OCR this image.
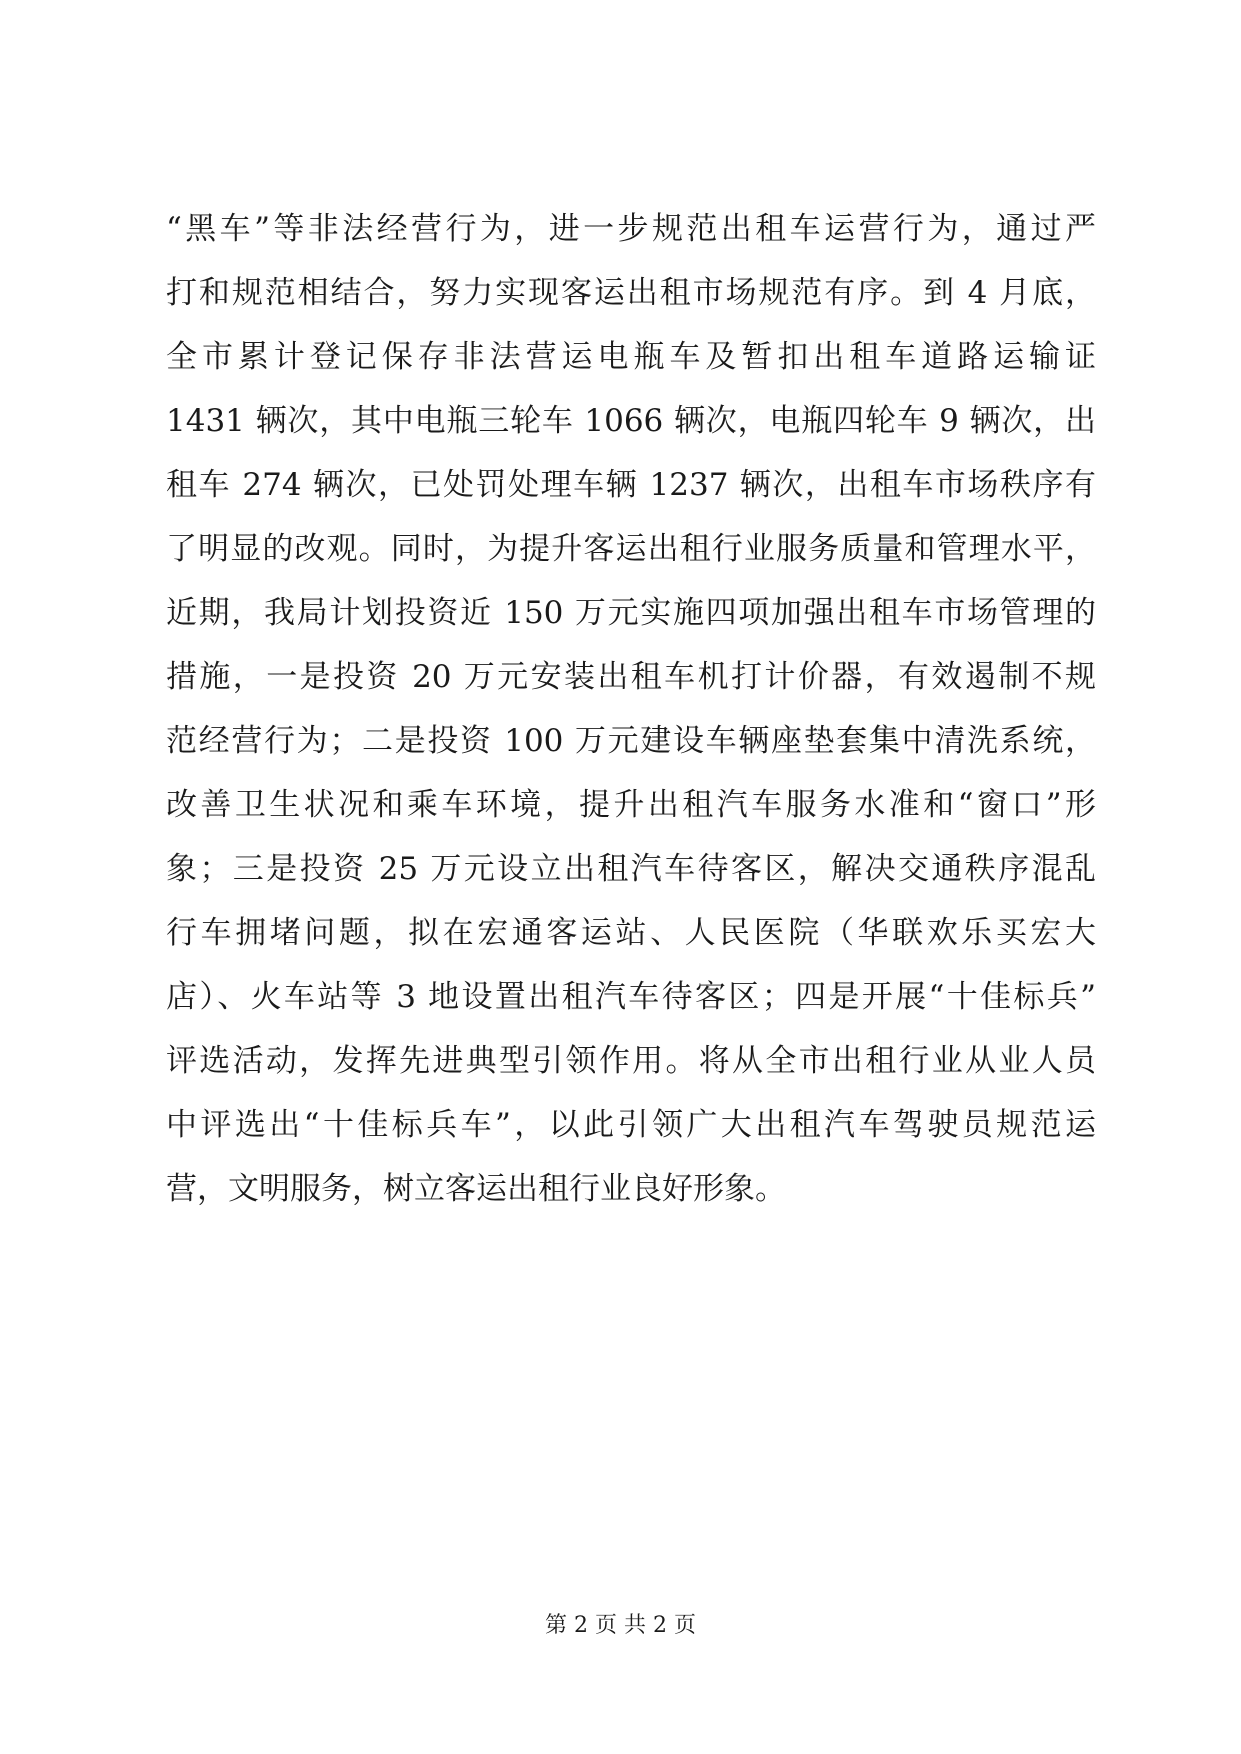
“黑车”等非法经营行为，进一步规范出租车运营行为，通过严
打和规范相结合，努力实现客运出租市场规范有序。到 4 月底，
全市累计登记保存非法营运电瓶车及暂扣出租车道路运输证
1431 辆次，其中电瓶三轮车 1066 辆次，电瓶四轮车 9 辆次，出
租车 274 辆次，已处罚处理车辆 1237 辆次，出租车市场秩序有
了明显的改观。同时，为提升客运出租行业服务质量和管理水平，
近期，我局计划投资近 150 万元实施四项加强出租车市场管理的
措施，一是投资 20 万元安装出租车机打计价器，有效遏制不规
范经营行为；二是投资 100 万元建设车辆座垫套集中清洗系统，
改善卫生状况和乘车环境，提升出租汽车服务水准和“窗口”形
象；三是投资 25 万元设立出租汽车待客区，解决交通秩序混乱
行车拥堵问题，拟在宏通客运站、人民医院（华联欢乐买宏大
店）、火车站等 3 地设置出租汽车待客区；四是开展“十佳标兵”
评选活动，发挥先进典型引领作用。将从全市出租行业从业人员
中评选出“十佳标兵车”，以此引领广大出租汽车驾驶员规范运
营，文明服务，树立客运出租行业良好形象。
第 2 页 共 2 页
